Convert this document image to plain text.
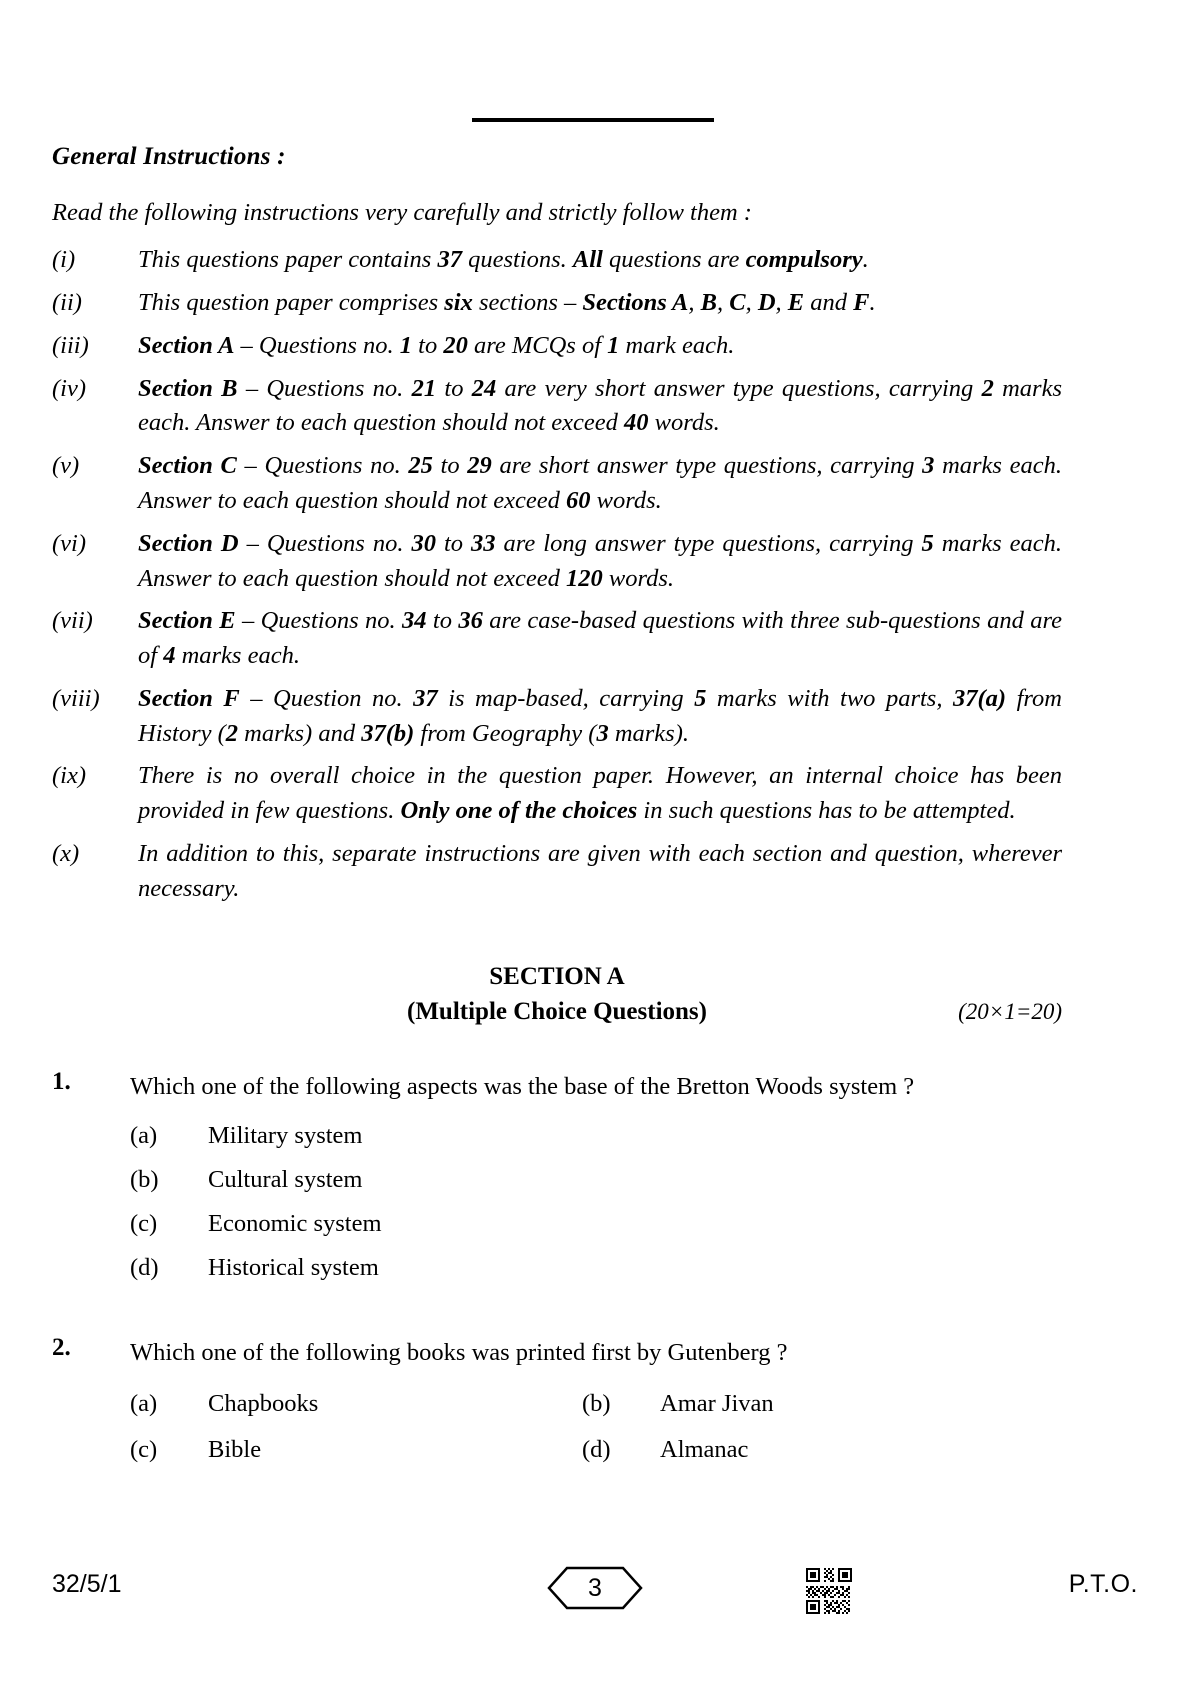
General Instructions :
Read the following instructions very carefully and strictly follow them :
(i)	This questions paper contains 37 questions. All questions are compulsory.
(ii)	This question paper comprises six sections – Sections A, B, C, D, E and F.
(iii)	Section A – Questions no. 1 to 20 are MCQs of 1 mark each.
(iv)	Section B – Questions no. 21 to 24 are very short answer type questions, carrying 2 marks each. Answer to each question should not exceed 40 words.
(v)	Section C – Questions no. 25 to 29 are short answer type questions, carrying 3 marks each. Answer to each question should not exceed 60 words.
(vi)	Section D – Questions no. 30 to 33 are long answer type questions, carrying 5 marks each. Answer to each question should not exceed 120 words.
(vii)	Section E – Questions no. 34 to 36 are case-based questions with three sub-questions and are of 4 marks each.
(viii)	Section F – Question no. 37 is map-based, carrying 5 marks with two parts, 37(a) from History (2 marks) and 37(b) from Geography (3 marks).
(ix)	There is no overall choice in the question paper. However, an internal choice has been provided in few questions. Only one of the choices in such questions has to be attempted.
(x)	In addition to this, separate instructions are given with each section and question, wherever necessary.
SECTION A
(Multiple Choice Questions)	(20×1=20)
1.	Which one of the following aspects was the base of the Bretton Woods system ?

(a)	Military system
(b)	Cultural system
(c)	Economic system
(d)	Historical system
2.	Which one of the following books was printed first by Gutenberg ?

(a)	Chapbooks	(b)	Amar Jivan
(c)	Bible	(d)	Almanac
32/5/1	3	P.T.O.
